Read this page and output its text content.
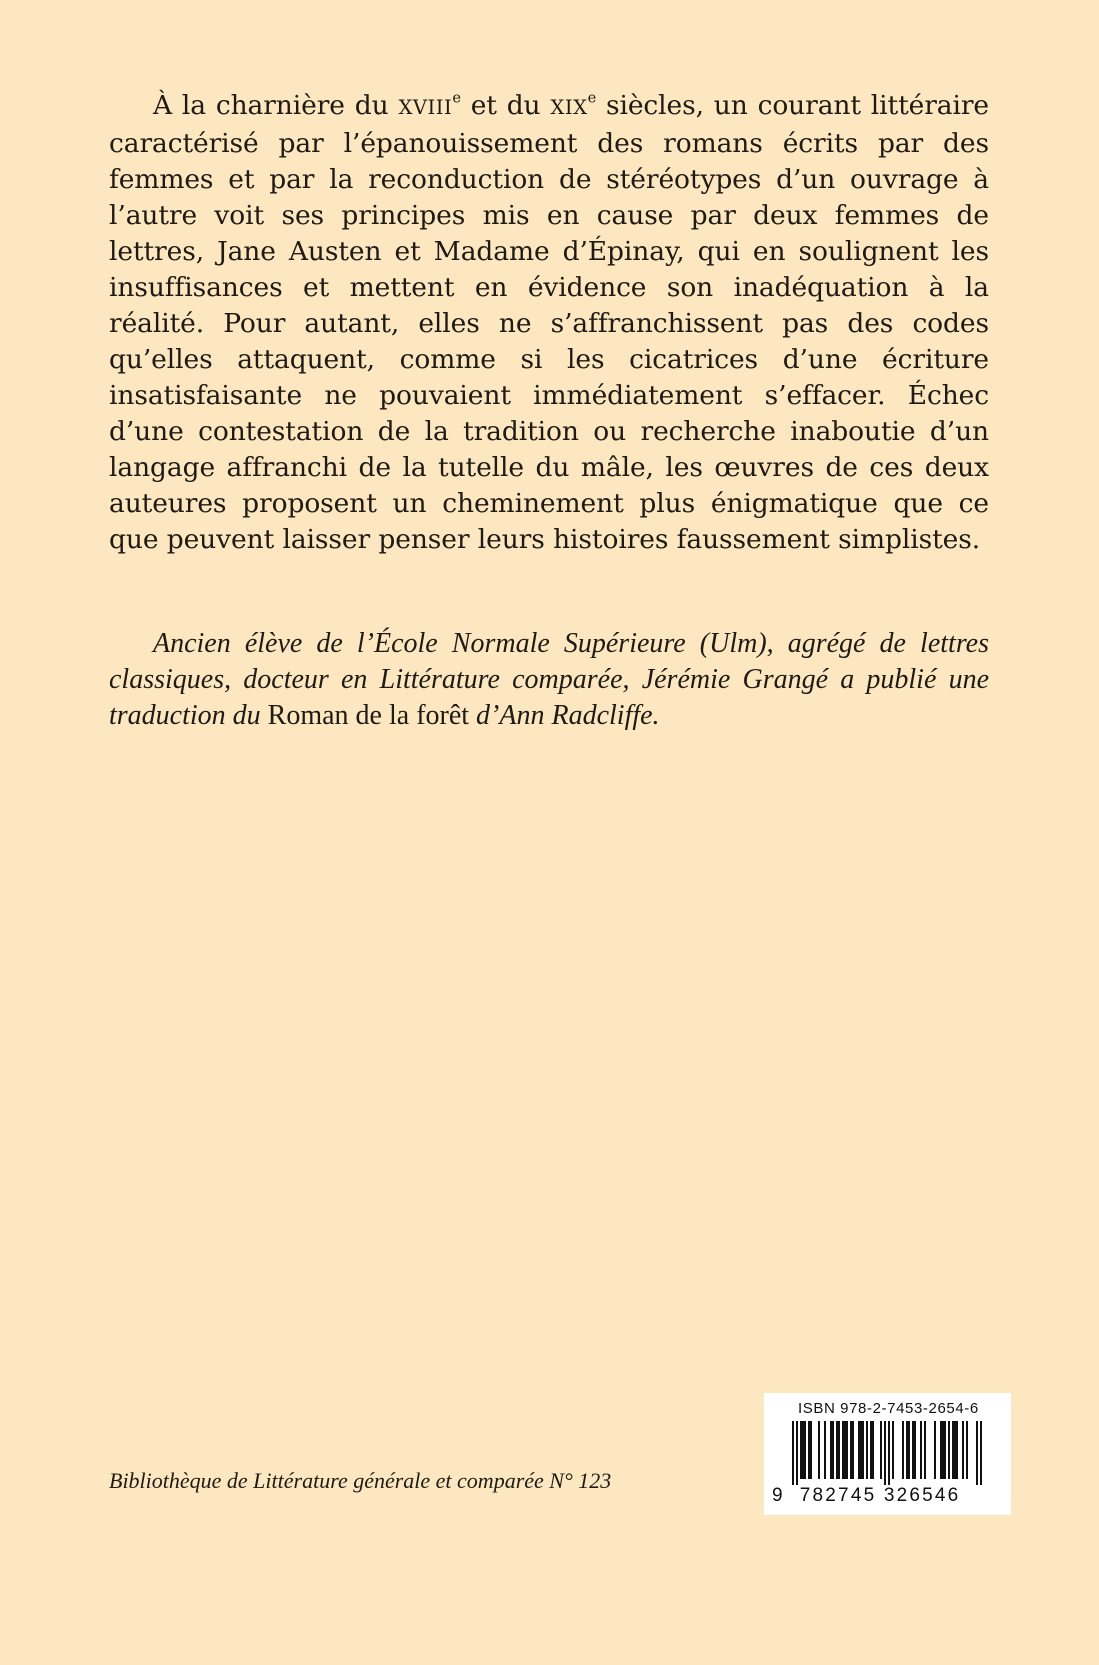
À la charnière du XVIIIe et du XIXe siècles, un courant littéraire caractérisé par l’épanouissement des romans écrits par des femmes et par la reconduction de stéréotypes d’un ouvrage à l’autre voit ses principes mis en cause par deux femmes de lettres, Jane Austen et Madame d’Épinay, qui en soulignent les insuffisances et mettent en évidence son inadéquation à la réalité. Pour autant, elles ne s’affranchissent pas des codes qu’elles attaquent, comme si les cicatrices d’une écriture insatisfaisante ne pouvaient immédiatement s’effacer. Échec d’une contestation de la tradition ou recherche inaboutie d’un langage affranchi de la tutelle du mâle, les œuvres de ces deux auteures proposent un cheminement plus énigmatique que ce que peuvent laisser penser leurs histoires faussement simplistes.

Ancien élève de l’École Normale Supérieure (Ulm), agrégé de lettres classiques, docteur en Littérature comparée, Jérémie Grangé a publié une traduction du Roman de la forêt d’Ann Radcliffe.

Bibliothèque de Littérature générale et comparée N° 123

ISBN 978-2-7453-2654-6
9 782745 326546
